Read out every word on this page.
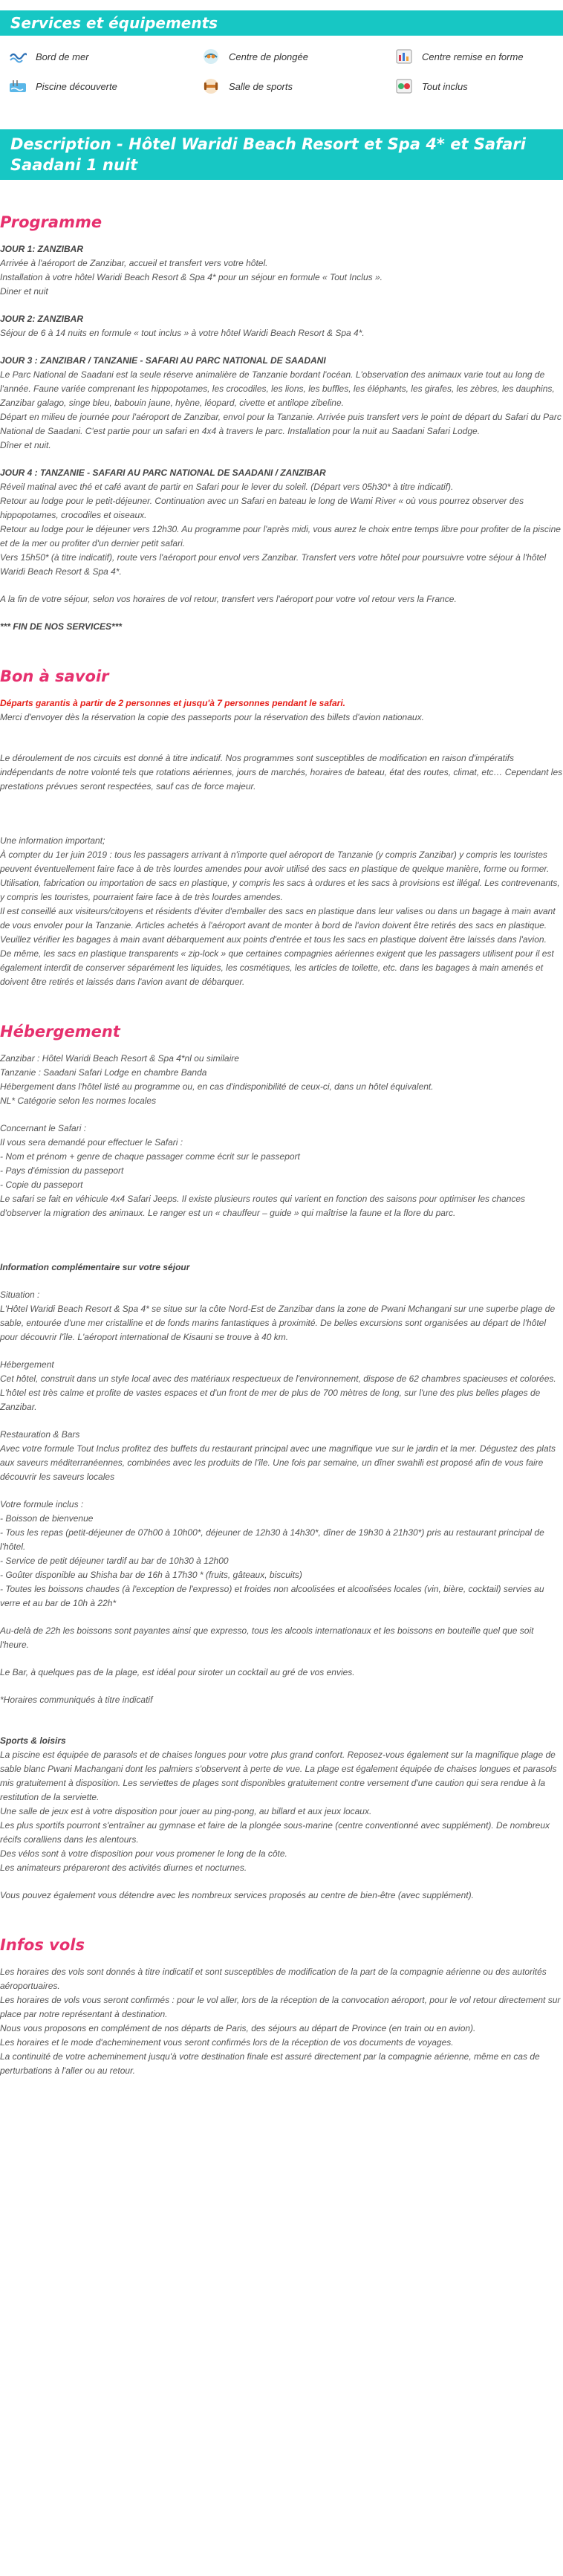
Services et équipements
Bord de mer	Centre de plongée	Centre remise en forme
Piscine découverte	Salle de sports	Tout inclus
Description - Hôtel Waridi Beach Resort et Spa 4* et Safari Saadani 1 nuit
Programme
JOUR 1: ZANZIBAR
Arrivée à l'aéroport de Zanzibar, accueil et transfert vers votre hôtel.
Installation à votre hôtel Waridi Beach Resort & Spa 4* pour un séjour en formule « Tout Inclus ».
Diner et nuit
JOUR 2: ZANZIBAR
Séjour de 6 à 14 nuits en formule « tout inclus » à votre hôtel Waridi Beach Resort & Spa 4*.
JOUR 3 : ZANZIBAR / TANZANIE - SAFARI AU PARC NATIONAL DE SAADANI
Le Parc National de Saadani est la seule réserve animalière de Tanzanie bordant l'océan. L'observation des animaux varie tout au long de l'année. Faune variée comprenant les hippopotames, les crocodiles, les lions, les buffles, les éléphants, les girafes, les zèbres, les dauphins, Zanzibar galago, singe bleu, babouin jaune, hyène, léopard, civette et antilope zibeline.
Départ en milieu de journée pour l'aéroport de Zanzibar, envol pour la Tanzanie. Arrivée puis transfert vers le point de départ du Safari du Parc National de Saadani. C'est partie pour un safari en 4x4 à travers le parc. Installation pour la nuit au Saadani Safari Lodge.
Dîner et nuit.
JOUR 4 : TANZANIE - SAFARI AU PARC NATIONAL DE SAADANI / ZANZIBAR
Réveil matinal avec thé et café avant de partir en Safari pour le lever du soleil. (Départ vers 05h30* à titre indicatif).
Retour au lodge pour le petit-déjeuner. Continuation avec un Safari en bateau le long de Wami River « où vous pourrez observer des hippopotames, crocodiles et oiseaux.
Retour au lodge pour le déjeuner vers 12h30. Au programme pour l'après midi, vous aurez le choix entre temps libre pour profiter de la piscine et de la mer ou profiter d'un dernier petit safari.
Vers 15h50* (à titre indicatif), route vers l'aéroport pour envol vers Zanzibar. Transfert vers votre hôtel pour poursuivre votre séjour à l'hôtel Waridi Beach Resort & Spa 4*.
A la fin de votre séjour, selon vos horaires de vol retour, transfert vers l'aéroport pour votre vol retour vers la France.
*** FIN DE NOS SERVICES***
Bon à savoir
Départs garantis à partir de 2 personnes et jusqu'à 7 personnes pendant le safari.
Merci d'envoyer dès la réservation la copie des passeports pour la réservation des billets d'avion nationaux.
Le déroulement de nos circuits est donné à titre indicatif. Nos programmes sont susceptibles de modification en raison d'impératifs indépendants de notre volonté tels que rotations aériennes, jours de marchés, horaires de bateau, état des routes, climat, etc… Cependant les prestations prévues seront respectées, sauf cas de force majeur.
Une information important;
À compter du 1er juin 2019 : tous les passagers arrivant à n'importe quel aéroport de Tanzanie (y compris Zanzibar) y compris les touristes peuvent éventuellement faire face à de très lourdes amendes pour avoir utilisé des sacs en plastique de quelque manière, forme ou former. Utilisation, fabrication ou importation de sacs en plastique, y compris les sacs à ordures et les sacs à provisions est illégal. Les contrevenants, y compris les touristes, pourraient faire face à de très lourdes amendes.
Il est conseillé aux visiteurs/citoyens et résidents d'éviter d'emballer des sacs en plastique dans leur valises ou dans un bagage à main avant de vous envoler pour la Tanzanie. Articles achetés à l'aéroport avant de monter à bord de l'avion doivent être retirés des sacs en plastique. Veuillez vérifier les bagages à main avant débarquement aux points d'entrée et tous les sacs en plastique doivent être laissés dans l'avion.
De même, les sacs en plastique transparents « zip-lock » que certaines compagnies aériennes exigent que les passagers utilisent pour il est également interdit de conserver séparément les liquides, les cosmétiques, les articles de toilette, etc. dans les bagages à main amenés et doivent être retirés et laissés dans l'avion avant de débarquer.
Hébergement
Zanzibar : Hôtel Waridi Beach Resort & Spa 4*nl ou similaire
Tanzanie : Saadani Safari Lodge en chambre Banda
Hébergement dans l'hôtel listé au programme ou, en cas d'indisponibilité de ceux-ci, dans un hôtel équivalent.
NL* Catégorie selon les normes locales
Concernant le Safari :
Il vous sera demandé pour effectuer le Safari :
- Nom et prénom + genre de chaque passager comme écrit sur le passeport
- Pays d'émission du passeport
- Copie du passeport
Le safari se fait en véhicule 4x4 Safari Jeeps. Il existe plusieurs routes qui varient en fonction des saisons pour optimiser les chances d'observer la migration des animaux. Le ranger est un « chauffeur – guide » qui maîtrise la faune et la flore du parc.
Information complémentaire sur votre séjour
Situation :
L'Hôtel Waridi Beach Resort & Spa 4* se situe sur la côte Nord-Est de Zanzibar dans la zone de Pwani Mchangani sur une superbe plage de sable, entourée d'une mer cristalline et de fonds marins fantastiques à proximité. De belles excursions sont organisées au départ de l'hôtel pour découvrir l'île. L'aéroport international de Kisauni se trouve à 40 km.
Hébergement
Cet hôtel, construit dans un style local avec des matériaux respectueux de l'environnement, dispose de 62 chambres spacieuses et colorées. L'hôtel est très calme et profite de vastes espaces et d'un front de mer de plus de 700 mètres de long, sur l'une des plus belles plages de Zanzibar.
Restauration & Bars
Avec votre formule Tout Inclus profitez des buffets du restaurant principal avec une magnifique vue sur le jardin et la mer. Dégustez des plats aux saveurs méditerranéennes, combinées avec les produits de l'île. Une fois par semaine, un dîner swahili est proposé afin de vous faire découvrir les saveurs locales
Votre formule inclus :
- Boisson de bienvenue
- Tous les repas (petit-déjeuner de 07h00 à 10h00*, déjeuner de 12h30 à 14h30*, dîner de 19h30 à 21h30*) pris au restaurant principal de l'hôtel.
- Service de petit déjeuner tardif au bar de 10h30 à 12h00
- Goûter disponible au Shisha bar de 16h à 17h30 * (fruits, gâteaux, biscuits)
- Toutes les boissons chaudes (à l'exception de l'expresso) et froides non alcoolisées et alcoolisées locales (vin, bière, cocktail) servies au verre et au bar de 10h à 22h*
Au-delà de 22h les boissons sont payantes ainsi que expresso, tous les alcools internationaux et les boissons en bouteille quel que soit l'heure.
Le Bar, à quelques pas de la plage, est idéal pour siroter un cocktail au gré de vos envies.
*Horaires communiqués à titre indicatif
Sports & loisirs
La piscine est équipée de parasols et de chaises longues pour votre plus grand confort. Reposez-vous également sur la magnifique plage de sable blanc Pwani Machangani dont les palmiers s'observent à perte de vue. La plage est également équipée de chaises longues et parasols mis gratuitement à disposition. Les serviettes de plages sont disponibles gratuitement contre versement d'une caution qui sera rendue à la restitution de la serviette.
Une salle de jeux est à votre disposition pour jouer au ping-pong, au billard et aux jeux locaux.
Les plus sportifs pourront s'entraîner au gymnase et faire de la plongée sous-marine (centre conventionné avec supplément). De nombreux récifs coralliens dans les alentours.
Des vélos sont à votre disposition pour vous promener le long de la côte.
Les animateurs prépareront des activités diurnes et nocturnes.
Vous pouvez également vous détendre avec les nombreux services proposés au centre de bien-être (avec supplément).
Infos vols
Les horaires des vols sont donnés à titre indicatif et sont susceptibles de modification de la part de la compagnie aérienne ou des autorités aéroportuaires.
Les horaires de vols vous seront confirmés : pour le vol aller, lors de la réception de la convocation aéroport, pour le vol retour directement sur place par notre représentant à destination.
Nous vous proposons en complément de nos départs de Paris, des séjours au départ de Province (en train ou en avion).
Les horaires et le mode d'acheminement vous seront confirmés lors de la réception de vos documents de voyages.
La continuité de votre acheminement jusqu'à votre destination finale est assuré directement par la compagnie aérienne, même en cas de perturbations à l'aller ou au retour.
